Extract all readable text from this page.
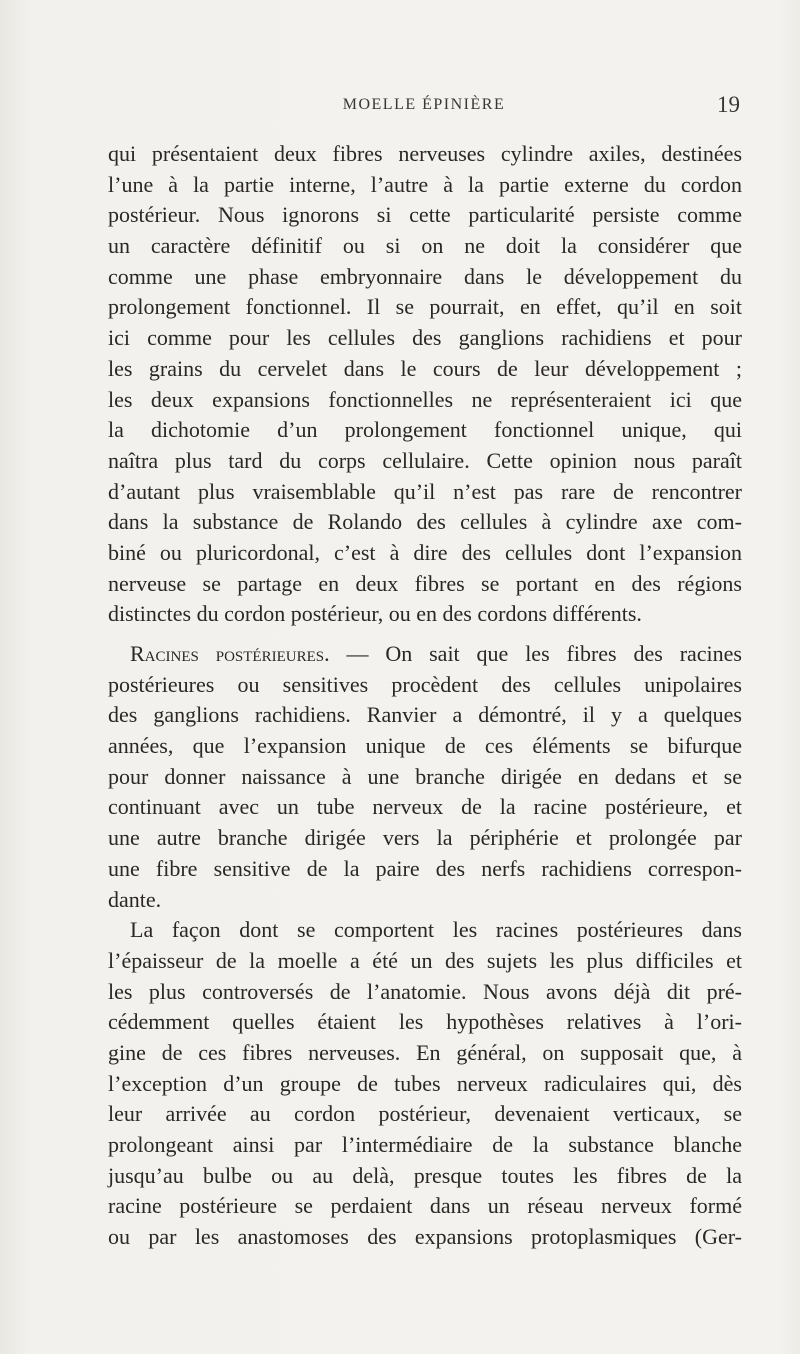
MOELLE ÉPINIÈRE	19
qui présentaient deux fibres nerveuses cylindre axiles, destinées
l’une à la partie interne, l’autre à la partie externe du cordon
postérieur. Nous ignorons si cette particularité persiste comme
un caractère définitif ou si on ne doit la considérer que
comme une phase embryonnaire dans le développement du
prolongement fonctionnel. Il se pourrait, en effet, qu’il en soit
ici comme pour les cellules des ganglions rachidiens et pour
les grains du cervelet dans le cours de leur développement ;
les deux expansions fonctionnelles ne représenteraient ici que
la dichotomie d’un prolongement fonctionnel unique, qui
naîtra plus tard du corps cellulaire. Cette opinion nous paraît
d’autant plus vraisemblable qu’il n’est pas rare de rencontrer
dans la substance de Rolando des cellules à cylindre axe com-
biné ou pluricordonal, c’est à dire des cellules dont l’expansion
nerveuse se partage en deux fibres se portant en des régions
distinctes du cordon postérieur, ou en des cordons différents.
Racines postérieures. — On sait que les fibres des racines
postérieures ou sensitives procèdent des cellules unipolaires
des ganglions rachidiens. Ranvier a démontré, il y a quelques
années, que l’expansion unique de ces éléments se bifurque
pour donner naissance à une branche dirigée en dedans et se
continuant avec un tube nerveux de la racine postérieure, et
une autre branche dirigée vers la périphérie et prolongée par
une fibre sensitive de la paire des nerfs rachidiens correspon-
dante.
La façon dont se comportent les racines postérieures dans
l’épaisseur de la moelle a été un des sujets les plus difficiles et
les plus controversés de l’anatomie. Nous avons déjà dit pré-
cédemment quelles étaient les hypothèses relatives à l’ori-
gine de ces fibres nerveuses. En général, on supposait que, à
l’exception d’un groupe de tubes nerveux radiculaires qui, dès
leur arrivée au cordon postérieur, devenaient verticaux, se
prolongeant ainsi par l’intermédiaire de la substance blanche
jusqu’au bulbe ou au delà, presque toutes les fibres de la
racine postérieure se perdaient dans un réseau nerveux formé
ou par les anastomoses des expansions protoplasmiques (Ger-
